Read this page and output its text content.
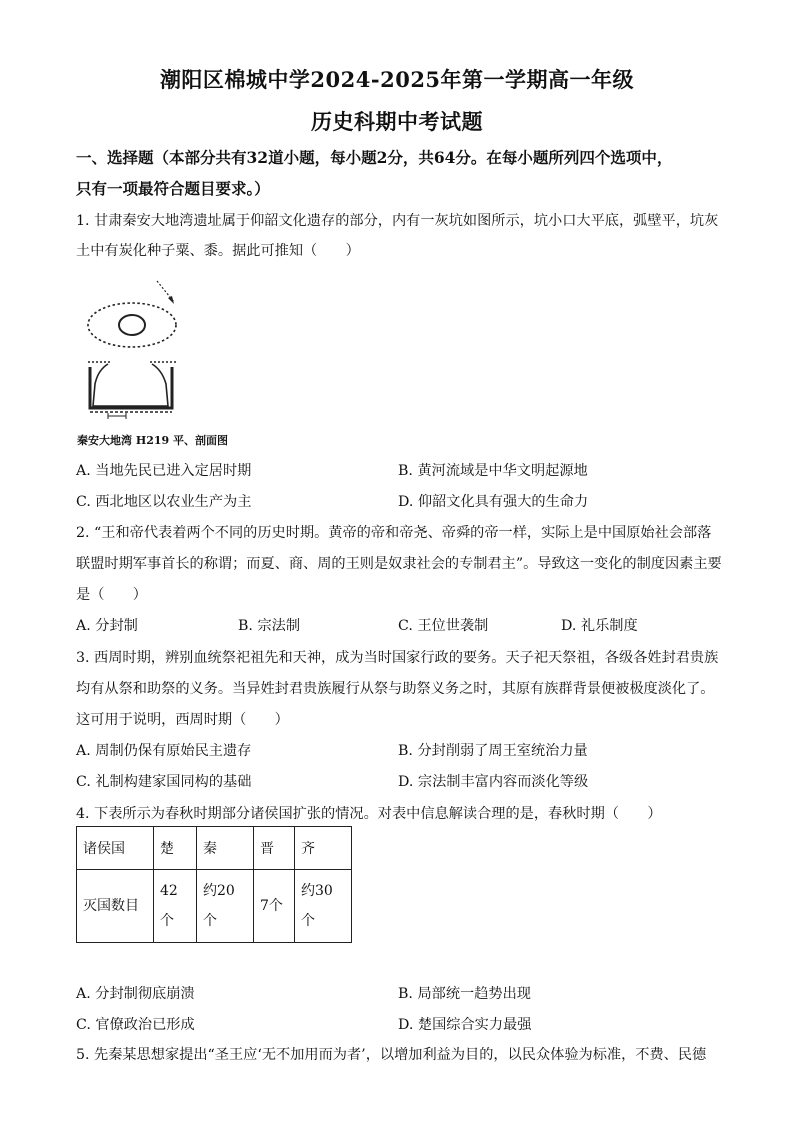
潮阳区棉城中学2024-2025年第一学期高一年级
历史科期中考试题
一、选择题（本部分共有32道小题，每小题2分，共64分。在每小题所列四个选项中，
只有一项最符合题目要求。）
1. 甘肃秦安大地湾遗址属于仰韶文化遗存的部分，内有一灰坑如图所示，坑小口大平底，弧壁平，坑灰
土中有炭化种子粟、黍。据此可推知（　　）
秦安大地湾 H219 平、剖面图
A. 当地先民已进入定居时期	B. 黄河流域是中华文明起源地
C. 西北地区以农业生产为主	D. 仰韶文化具有强大的生命力
2. “王和帝代表着两个不同的历史时期。黄帝的帝和帝尧、帝舜的帝一样，实际上是中国原始社会部落
联盟时期军事首长的称谓；而夏、商、周的王则是奴隶社会的专制君主”。导致这一变化的制度因素主要
是（　　）
A. 分封制	B. 宗法制	C. 王位世袭制	D. 礼乐制度
3. 西周时期，辨别血统祭祀祖先和天神，成为当时国家行政的要务。天子祀天祭祖，各级各姓封君贵族
均有从祭和助祭的义务。当异姓封君贵族履行从祭与助祭义务之时，其原有族群背景便被极度淡化了。
这可用于说明，西周时期（　　）
A. 周制仍保有原始民主遗存	B. 分封削弱了周王室统治力量
C. 礼制构建家国同构的基础	D. 宗法制丰富内容而淡化等级
4. 下表所示为春秋时期部分诸侯国扩张的情况。对表中信息解读合理的是，春秋时期（　　）
诸侯国	楚	秦	晋	齐
灭国数目	42个	约20个	7个	约30个
A. 分封制彻底崩溃	B. 局部统一趋势出现
C. 官僚政治已形成	D. 楚国综合实力最强
5. 先秦某思想家提出“圣王应‘无不加用而为者’，以增加利益为目的，以民众体验为标准，不费、民德
